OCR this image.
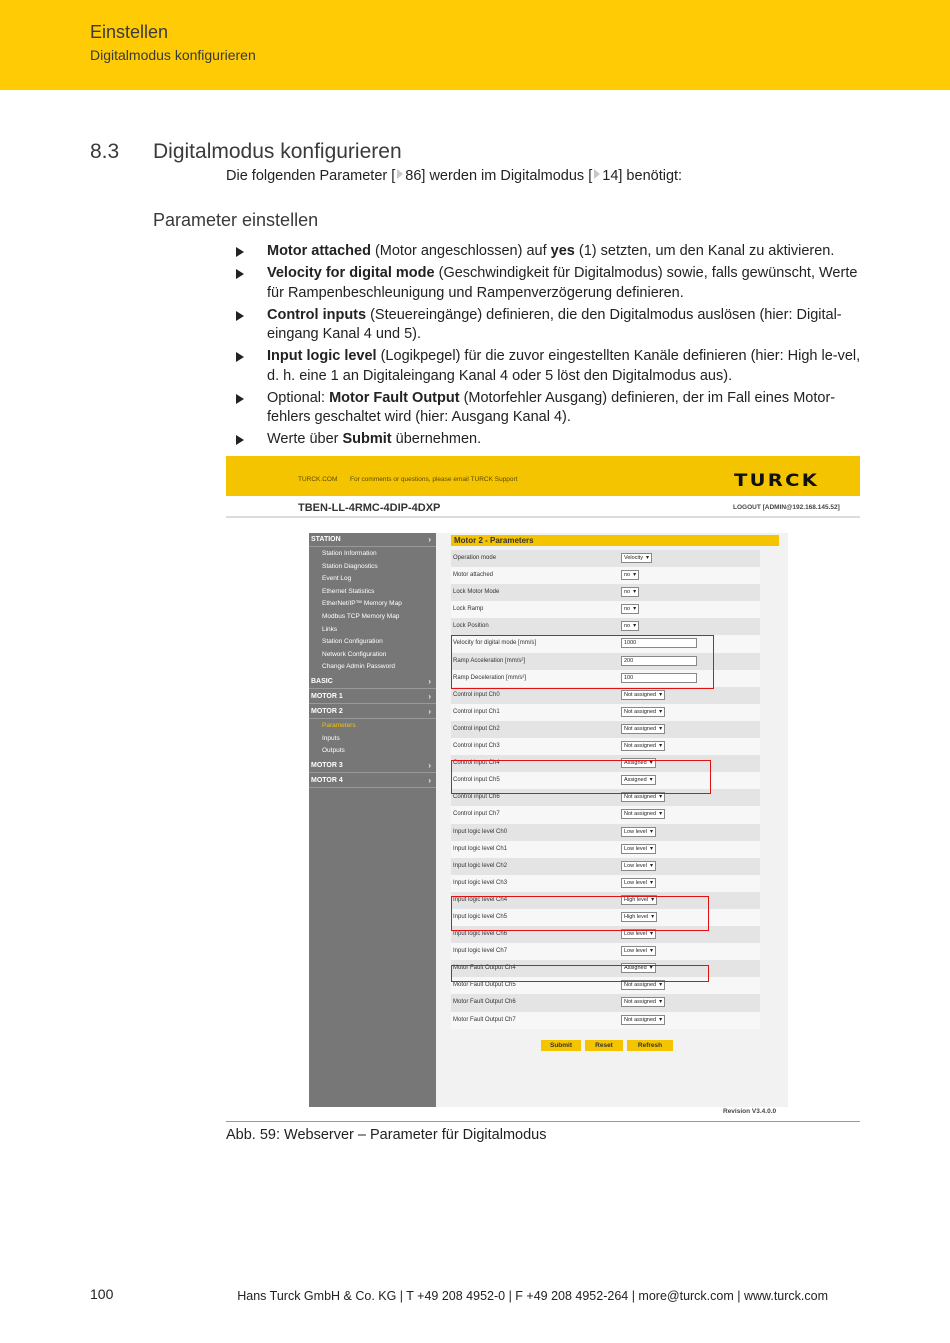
Einstellen
Digitalmodus konfigurieren
8.3 Digitalmodus konfigurieren
Die folgenden Parameter [ 86] werden im Digitalmodus [ 14] benötigt:
Parameter einstellen
Motor attached (Motor angeschlossen) auf yes (1) setzten, um den Kanal zu aktivieren.
Velocity for digital mode (Geschwindigkeit für Digitalmodus) sowie, falls gewünscht, Werte für Rampenbeschleunigung und Rampenverzögerung definieren.
Control inputs (Steuereingänge) definieren, die den Digitalmodus auslösen (hier: Digital-eingang Kanal 4 und 5).
Input logic level (Logikpegel) für die zuvor eingestellten Kanäle definieren (hier: High le-vel, d. h. eine 1 an Digitaleingang Kanal 4 oder 5 löst den Digitalmodus aus).
Optional: Motor Fault Output (Motorfehler Ausgang) definieren, der im Fall eines Motor-fehlers geschaltet wird (hier: Ausgang Kanal 4).
Werte über Submit übernehmen.
TURCK.COM For comments or questions, please email TURCK Support	TURCK
TBEN-LL-4RMC-4DIP-4DXP	LOGOUT [ADMIN@192.168.145.52]
STATION	›
Station Information
Station Diagnostics
Event Log
Ethernet Statistics
EtherNet/IP™ Memory Map
Modbus TCP Memory Map
Links
Station Configuration
Network Configuration
Change Admin Password
BASIC	›
MOTOR 1	›
MOTOR 2	›
Parameters
Inputs
Outputs
MOTOR 3	›
MOTOR 4	›
Motor 2 - Parameters
Operation mode	Velocity ▾
Motor attached	no ▾
Lock Motor Mode	no ▾
Lock Ramp	no ▾
Lock Position	no ▾
Velocity for digital mode [mm/s]	1000
Ramp Acceleration [mm/s²]	200
Ramp Deceleration [mm/s²]	100
Control input Ch0	Not assigned ▾
Control input Ch1	Not assigned ▾
Control input Ch2	Not assigned ▾
Control input Ch3	Not assigned ▾
Control input Ch4	Assigned ▾
Control input Ch5	Assigned ▾
Control input Ch6	Not assigned ▾
Control input Ch7	Not assigned ▾
Input logic level Ch0	Low level ▾
Input logic level Ch1	Low level ▾
Input logic level Ch2	Low level ▾
Input logic level Ch3	Low level ▾
Input logic level Ch4	High level ▾
Input logic level Ch5	High level ▾
Input logic level Ch6	Low level ▾
Input logic level Ch7	Low level ▾
Motor Fault Output Ch4	Assigned ▾
Motor Fault Output Ch5	Not assigned ▾
Motor Fault Output Ch6	Not assigned ▾
Motor Fault Output Ch7	Not assigned ▾
Submit	Reset	Refresh
Revision V3.4.0.0
Abb. 59: Webserver – Parameter für Digitalmodus
100	Hans Turck GmbH & Co. KG | T +49 208 4952-0 | F +49 208 4952-264 | more@turck.com | www.turck.com
